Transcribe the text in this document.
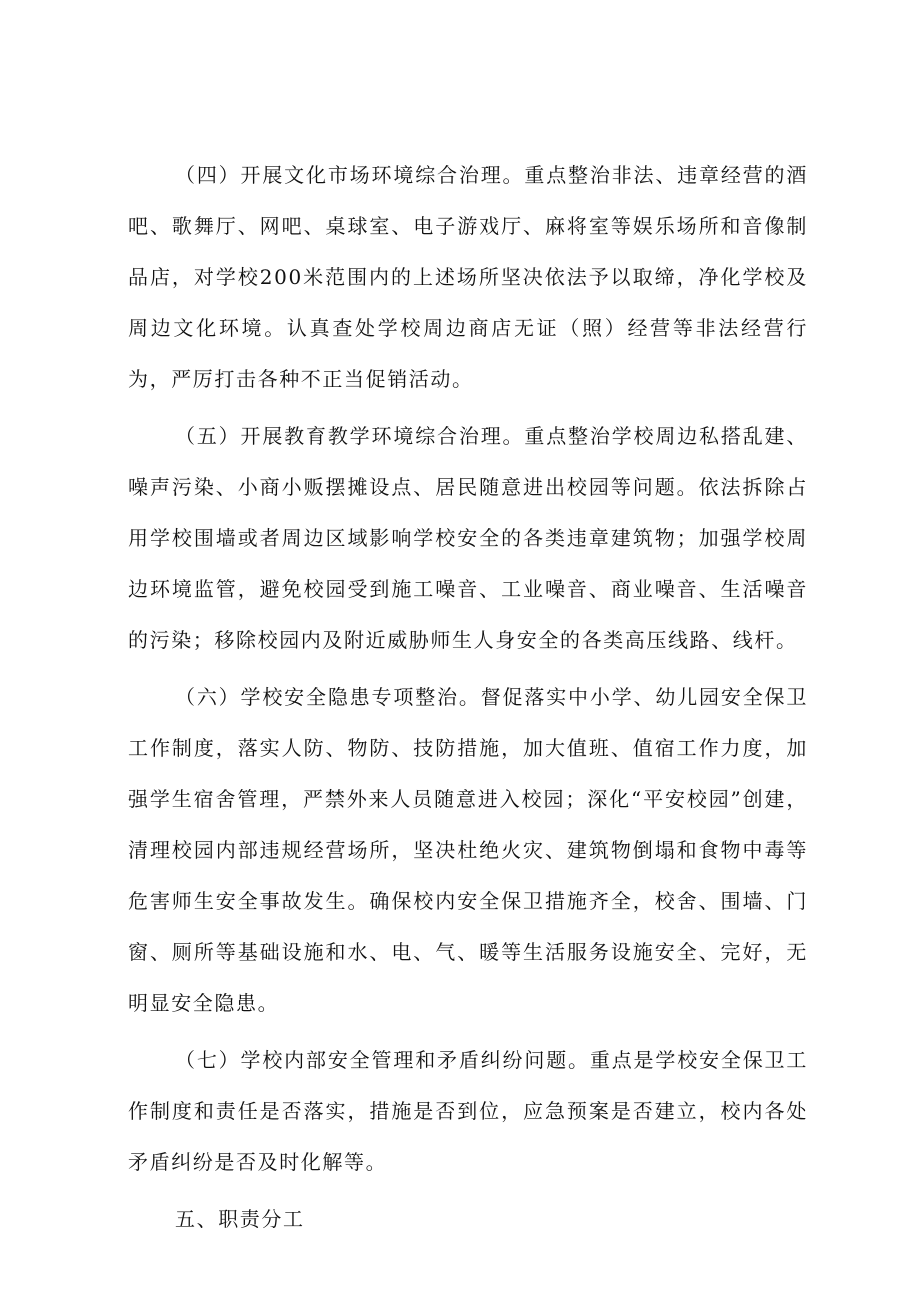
（四）开展文化市场环境综合治理。重点整治非法、违章经营的酒吧、歌舞厅、网吧、桌球室、电子游戏厅、麻将室等娱乐场所和音像制品店，对学校200米范围内的上述场所坚决依法予以取缔，净化学校及周边文化环境。认真查处学校周边商店无证（照）经营等非法经营行为，严厉打击各种不正当促销活动。

（五）开展教育教学环境综合治理。重点整治学校周边私搭乱建、噪声污染、小商小贩摆摊设点、居民随意进出校园等问题。依法拆除占用学校围墙或者周边区域影响学校安全的各类违章建筑物；加强学校周边环境监管，避免校园受到施工噪音、工业噪音、商业噪音、生活噪音的污染；移除校园内及附近威胁师生人身安全的各类高压线路、线杆。

（六）学校安全隐患专项整治。督促落实中小学、幼儿园安全保卫工作制度，落实人防、物防、技防措施，加大值班、值宿工作力度，加强学生宿舍管理，严禁外来人员随意进入校园；深化“平安校园”创建，清理校园内部违规经营场所，坚决杜绝火灾、建筑物倒塌和食物中毒等危害师生安全事故发生。确保校内安全保卫措施齐全，校舍、围墙、门窗、厕所等基础设施和水、电、气、暖等生活服务设施安全、完好，无明显安全隐患。

（七）学校内部安全管理和矛盾纠纷问题。重点是学校安全保卫工作制度和责任是否落实，措施是否到位，应急预案是否建立，校内各处矛盾纠纷是否及时化解等。

五、职责分工
